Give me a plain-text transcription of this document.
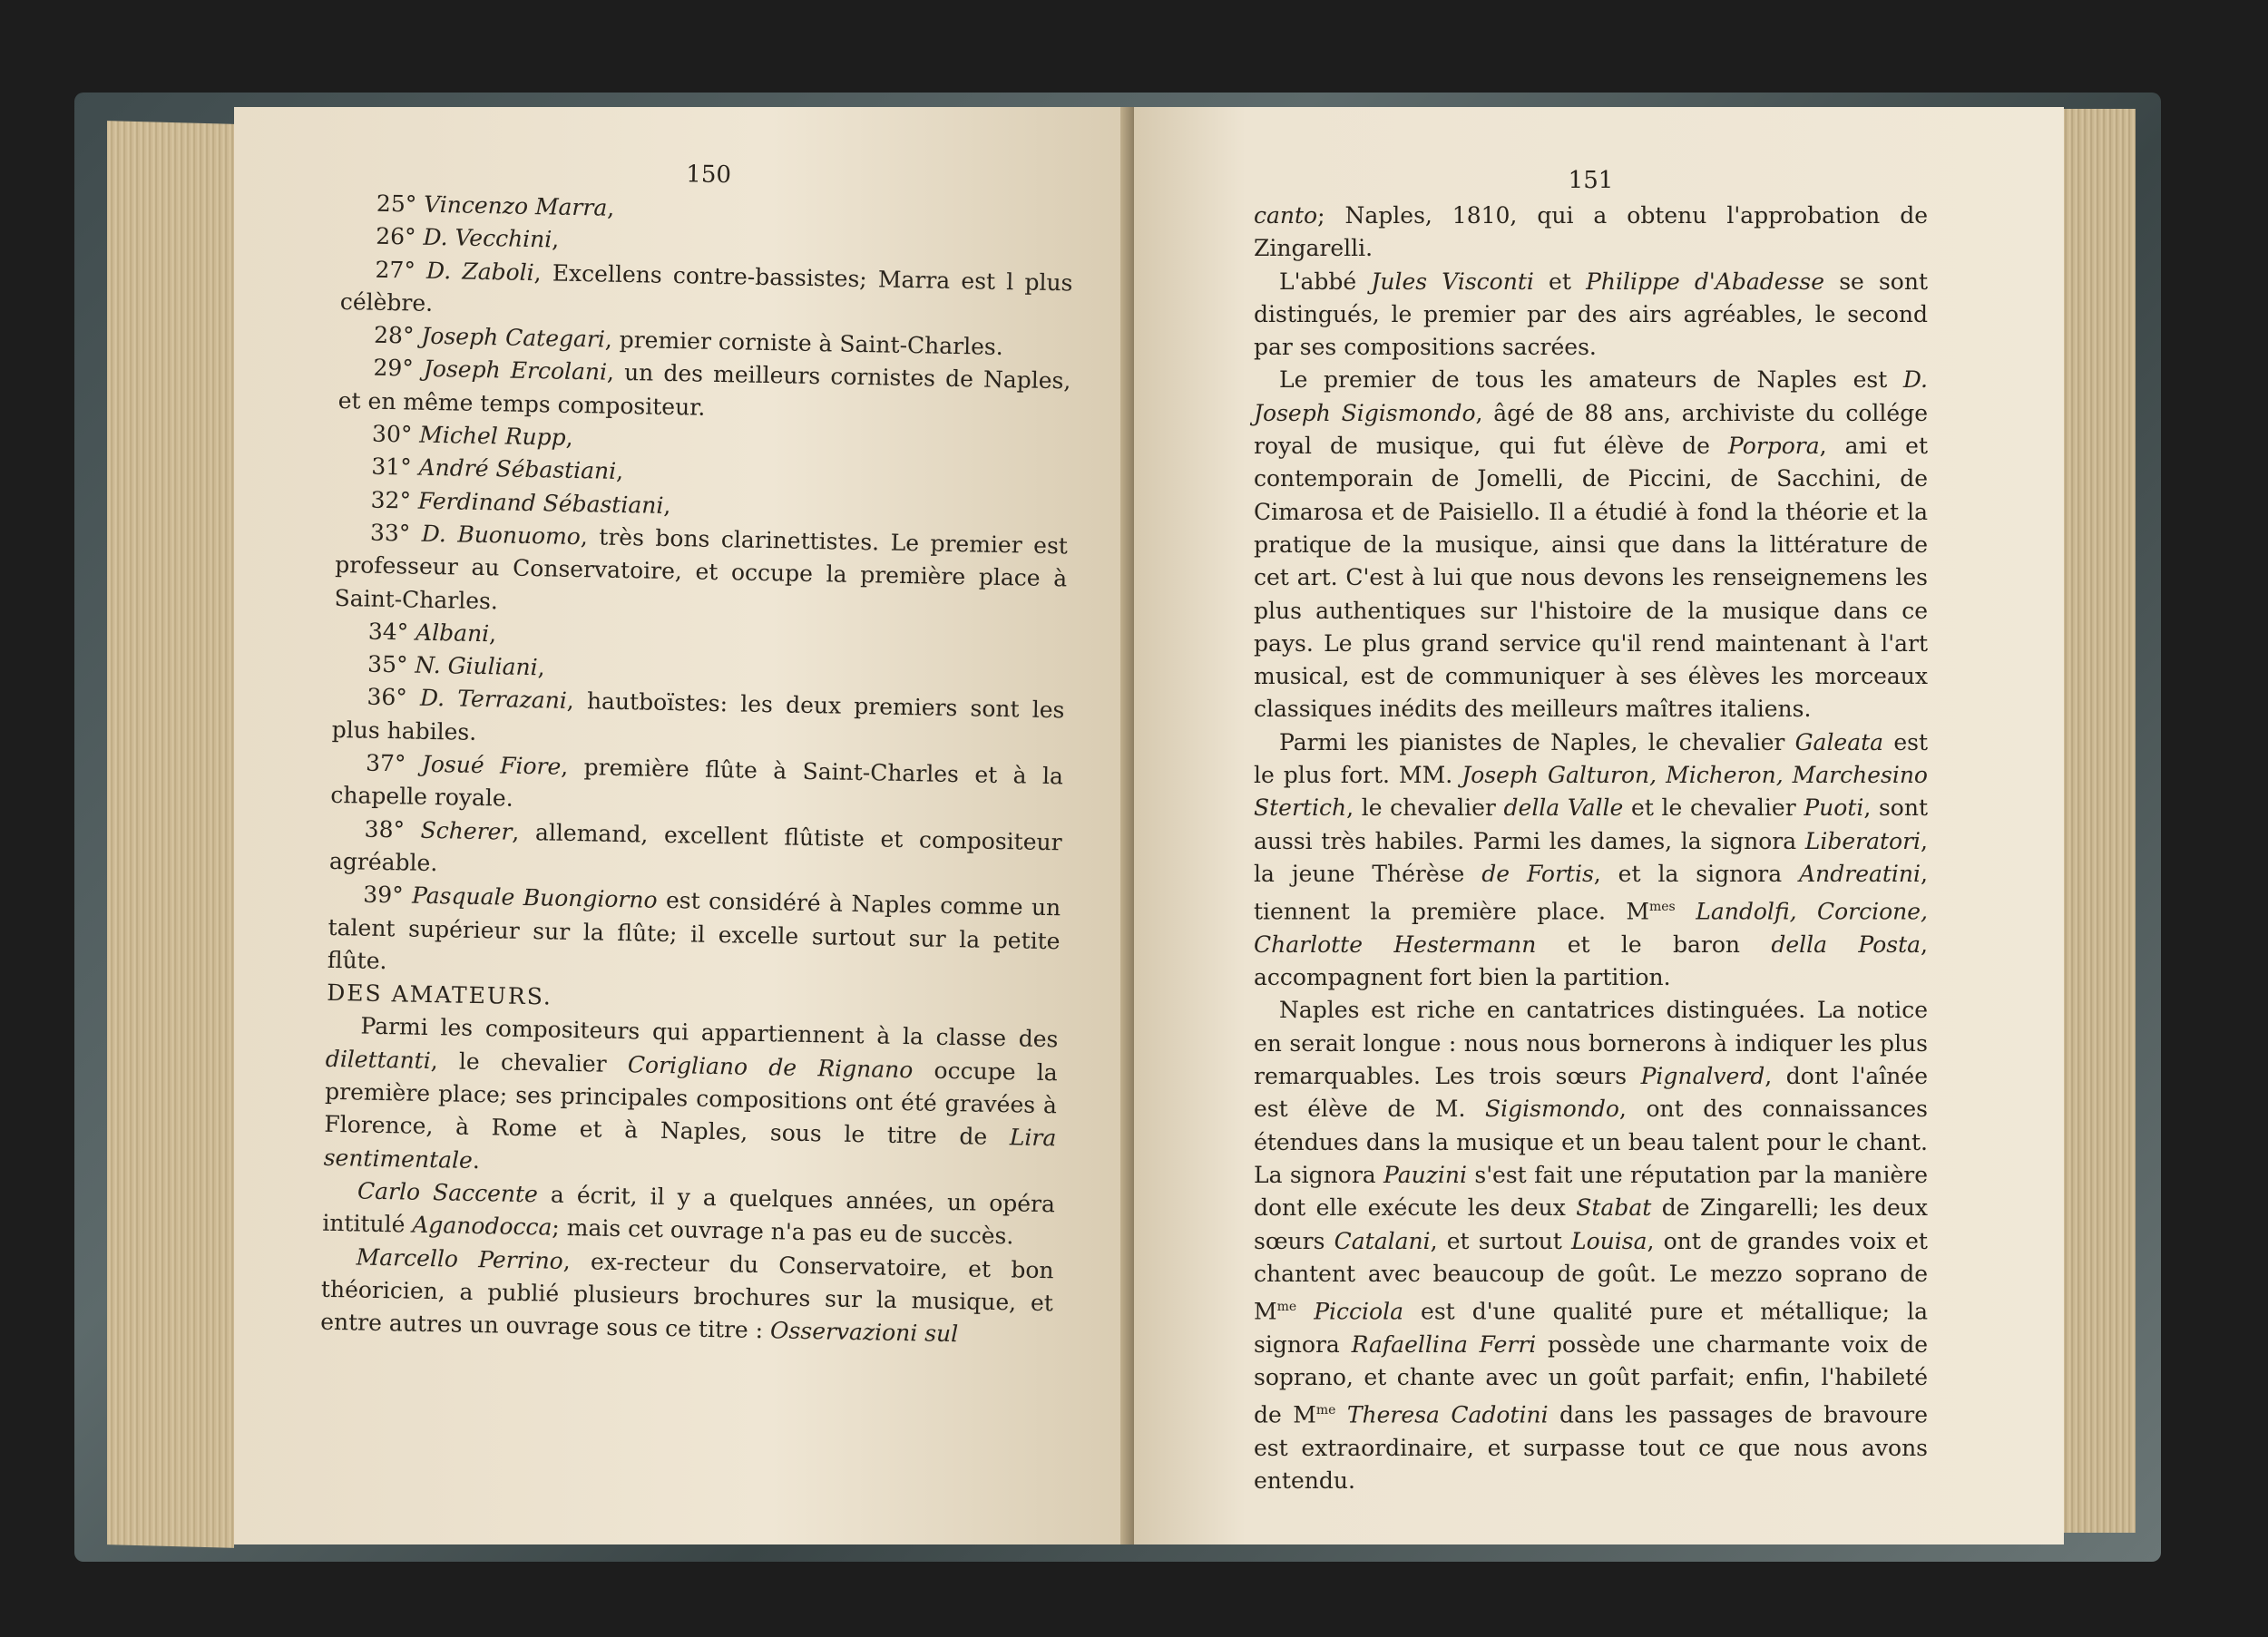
150

25° Vincenzo Marra,

26° D. Vecchini,

27° D. Zaboli, Excellens contre-bassistes; Marra est l plus célèbre.

28° Joseph Categari, premier corniste à Saint-Charles.

29° Joseph Ercolani, un des meilleurs cornistes de Naples, et en même temps compositeur.

30° Michel Rupp,

31° André Sébastiani,

32° Ferdinand Sébastiani,

33° D. Buonuomo, très bons clarinettistes. Le premier est professeur au Conservatoire, et occupe la première place à Saint-Charles.

34° Albani,

35° N. Giuliani,

36° D. Terrazani, hautboïstes: les deux premiers sont les plus habiles.

37° Josué Fiore, première flûte à Saint-Charles et à la chapelle royale.

38° Scherer, allemand, excellent flûtiste et compositeur agréable.

39° Pasquale Buongiorno est considéré à Naples comme un talent supérieur sur la flûte; il excelle surtout sur la petite flûte.

DES AMATEURS.

Parmi les compositeurs qui appartiennent à la classe des dilettanti, le chevalier Corigliano de Rignano occupe la première place; ses principales compositions ont été gravées à Florence, à Rome et à Naples, sous le titre de Lira sentimentale.

Carlo Saccente a écrit, il y a quelques années, un opéra intitulé Aganodocca; mais cet ouvrage n'a pas eu de succès.

Marcello Perrino, ex-recteur du Conservatoire, et bon théoricien, a publié plusieurs brochures sur la musique, et entre autres un ouvrage sous ce titre : Osservazioni sul

151

canto; Naples, 1810, qui a obtenu l'approbation de Zingarelli.

L'abbé Jules Visconti et Philippe d'Abadesse se sont distingués, le premier par des airs agréables, le second par ses compositions sacrées.

Le premier de tous les amateurs de Naples est D. Joseph Sigismondo, âgé de 88 ans, archiviste du collége royal de musique, qui fut élève de Porpora, ami et contemporain de Jomelli, de Piccini, de Sacchini, de Cimarosa et de Paisiello. Il a étudié à fond la théorie et la pratique de la musique, ainsi que dans la littérature de cet art. C'est à lui que nous devons les renseignemens les plus authentiques sur l'histoire de la musique dans ce pays. Le plus grand service qu'il rend maintenant à l'art musical, est de communiquer à ses élèves les morceaux classiques inédits des meilleurs maîtres italiens.

Parmi les pianistes de Naples, le chevalier Galeata est le plus fort. MM. Joseph Galturon, Micheron, Marchesino Stertich, le chevalier della Valle et le chevalier Puoti, sont aussi très habiles. Parmi les dames, la signora Liberatori, la jeune Thérèse de Fortis, et la signora Andreatini, tiennent la première place. $M^{mes}$ Landolfi, Corcione, Charlotte Hestermann et le baron della Posta, accompagnent fort bien la partition.

Naples est riche en cantatrices distinguées. La notice en serait longue : nous nous bornerons à indiquer les plus remarquables. Les trois sœurs Pignalverd, dont l'aînée est élève de M. Sigismondo, ont des connaissances étendues dans la musique et un beau talent pour le chant. La signora Pauzini s'est fait une réputation par la manière dont elle exécute les deux Stabat de Zingarelli; les deux sœurs Catalani, et surtout Louisa, ont de grandes voix et chantent avec beaucoup de goût. Le mezzo soprano de $M^{me}$ Picciola est d'une qualité pure et métallique; la signora Rafaellina Ferri possède une charmante voix de soprano, et chante avec un goût parfait; enfin, l'habileté de $M^{me}$ Theresa Cadotini dans les passages de bravoure est extraordinaire, et surpasse tout ce que nous avons entendu.
